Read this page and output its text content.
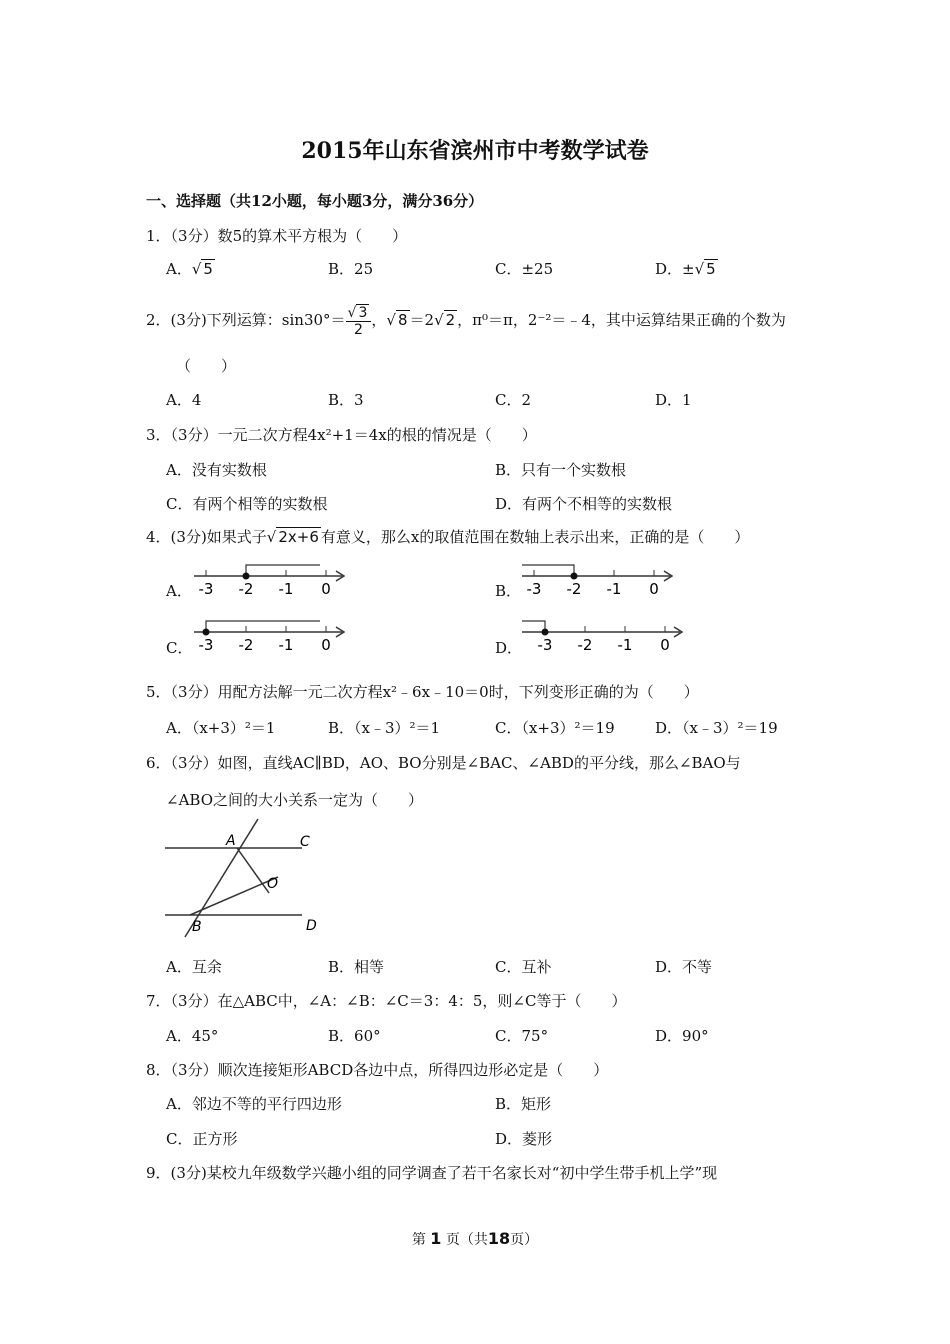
2015年山东省滨州市中考数学试卷
一、选择题（共12小题，每小题3分，满分36分）
1．（3分）数5的算术平方根为（　　）
A．√ 5	B．25	C．±25	D．±√ 5
2．(3分)下列运算：$\sin 30^\circ= \frac{√ 3}{2}$ ，√ 8 ＝2√ 2 ，π⁰＝π，2⁻²＝﹣4，其中运算结果正确的个数为
（　　）
A．4	B．3	C．2	D．1
3．（3分）一元二次方程4x²+1＝4x的根的情况是（　　）
A．没有实数根	B．只有一个实数根
C．有两个相等的实数根	D．有两个不相等的实数根
4．(3分)如果式子√ 2x+6 有意义，那么x的取值范围在数轴上表示出来，正确的是（　　）
A． -3 -2 -1 0	B． -3 -2 -1 0
C． -3 -2 -1 0	D． -3 -2 -1 0
5．（3分）用配方法解一元二次方程x²﹣6x﹣10＝0时，下列变形正确的为（　　）
A．（x+3）²＝1	B．（x﹣3）²＝1	C．（x+3）²＝19	D．（x﹣3）²＝19
6．（3分）如图，直线AC∥BD，AO、BO分别是∠BAC、∠ABD的平分线，那么∠BAO与
∠ABO之间的大小关系一定为（　　）
A	C
O
B	D
A．互余	B．相等	C．互补	D．不等
7．（3分）在△ABC中，∠A：∠B：∠C＝3：4：5，则∠C等于（　　）
A．45°	B．60°	C．75°	D．90°
8．（3分）顺次连接矩形ABCD各边中点，所得四边形必定是（　　）
A．邻边不等的平行四边形	B．矩形
C．正方形	D．菱形
9．(3分)某校九年级数学兴趣小组的同学调查了若干名家长对“初中学生带手机上学”现
第 1 页（共18页）
